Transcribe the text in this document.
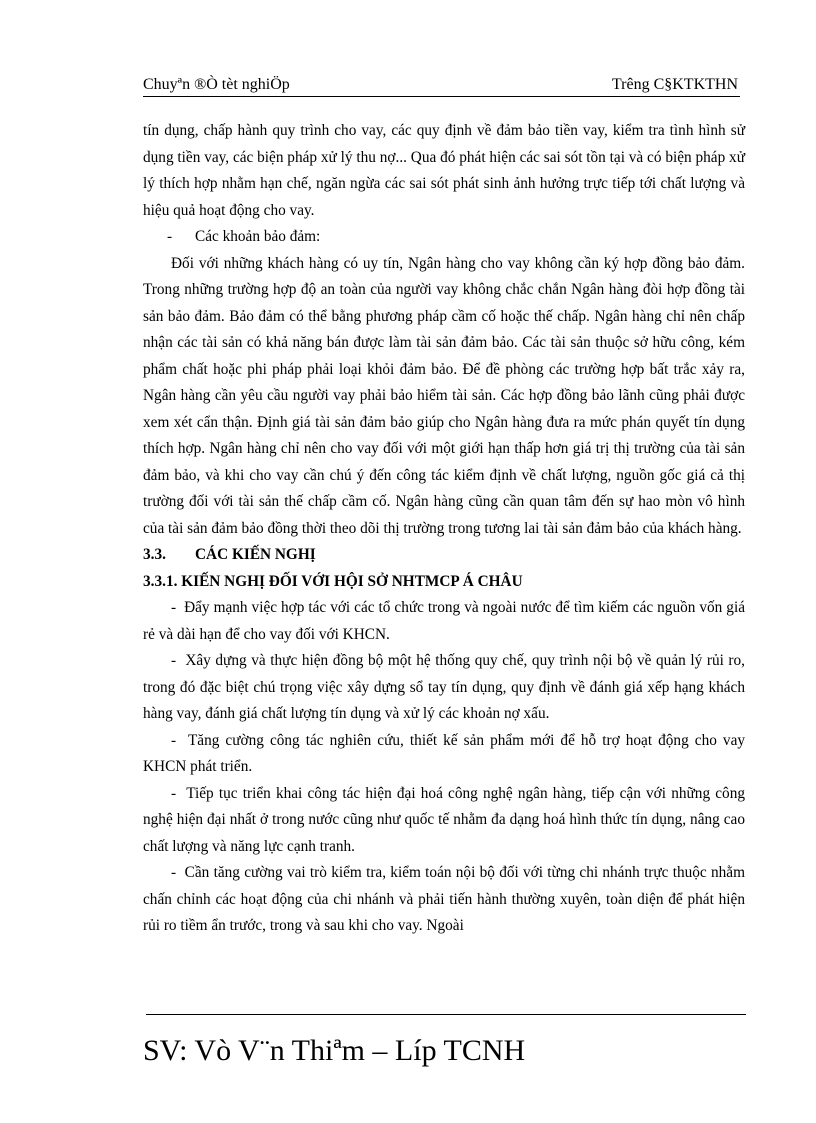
Chuyªn ®Ò tèt nghiÖp	Trêng C§KTKTHN

tín dụng, chấp hành quy trình cho vay, các quy định về đảm bảo tiền vay, kiểm tra tình hình sử dụng tiền vay, các biện pháp xử lý thu nợ... Qua đó phát hiện các sai sót tồn tại và có biện pháp xử lý thích hợp nhằm hạn chế, ngăn ngừa các sai sót phát sinh ảnh hưởng trực tiếp tới chất lượng và hiệu quả hoạt động cho vay.

- Các khoản bảo đảm:

Đối với những khách hàng có uy tín, Ngân hàng cho vay không cần ký hợp đồng bảo đảm. Trong những trường hợp độ an toàn của người vay không chắc chắn Ngân hàng đòi hợp đồng tài sản bảo đảm. Bảo đảm có thể bằng phương pháp cầm cố hoặc thế chấp. Ngân hàng chỉ nên chấp nhận các tài sản có khả năng bán được làm tài sản đảm bảo. Các tài sản thuộc sở hữu công, kém phẩm chất hoặc phi pháp phải loại khỏi đảm bảo. Để đề phòng các trường hợp bất trắc xảy ra, Ngân hàng cần yêu cầu người vay phải bảo hiểm tài sản. Các hợp đồng bảo lãnh cũng phải được xem xét cẩn thận. Định giá tài sản đảm bảo giúp cho Ngân hàng đưa ra mức phán quyết tín dụng thích hợp. Ngân hàng chỉ nên cho vay đối với một giới hạn thấp hơn giá trị thị trường của tài sản đảm bảo, và khi cho vay cần chú ý đến công tác kiểm định về chất lượng, nguồn gốc giá cả thị trường đối với tài sản thế chấp cầm cố. Ngân hàng cũng cần quan tâm đến sự hao mòn vô hình của tài sản đảm bảo đồng thời theo dõi thị trường trong tương lai tài sản đảm bảo của khách hàng.

3.3. CÁC KIẾN NGHỊ

3.3.1. KIẾN NGHỊ ĐỐI VỚI HỘI SỞ NHTMCP Á CHÂU

- Đẩy mạnh việc hợp tác với các tổ chức trong và ngoài nước để tìm kiếm các nguồn vốn giá rẻ và dài hạn để cho vay đối với KHCN.

- Xây dựng và thực hiện đồng bộ một hệ thống quy chế, quy trình nội bộ về quản lý rủi ro, trong đó đặc biệt chú trọng việc xây dựng sổ tay tín dụng, quy định về đánh giá xếp hạng khách hàng vay, đánh giá chất lượng tín dụng và xử lý các khoản nợ xấu.

- Tăng cường công tác nghiên cứu, thiết kế sản phẩm mới để hỗ trợ hoạt động cho vay KHCN phát triển.

- Tiếp tục triển khai công tác hiện đại hoá công nghệ ngân hàng, tiếp cận với những công nghệ hiện đại nhất ở trong nước cũng như quốc tế nhằm đa dạng hoá hình thức tín dụng, nâng cao chất lượng và năng lực cạnh tranh.

- Cần tăng cường vai trò kiểm tra, kiểm toán nội bộ đối với từng chi nhánh trực thuộc nhằm chấn chỉnh các hoạt động của chi nhánh và phải tiến hành thường xuyên, toàn diện để phát hiện rủi ro tiềm ẩn trước, trong và sau khi cho vay. Ngoài

SV: Vò V¨n Thiªm – Líp TCNH
